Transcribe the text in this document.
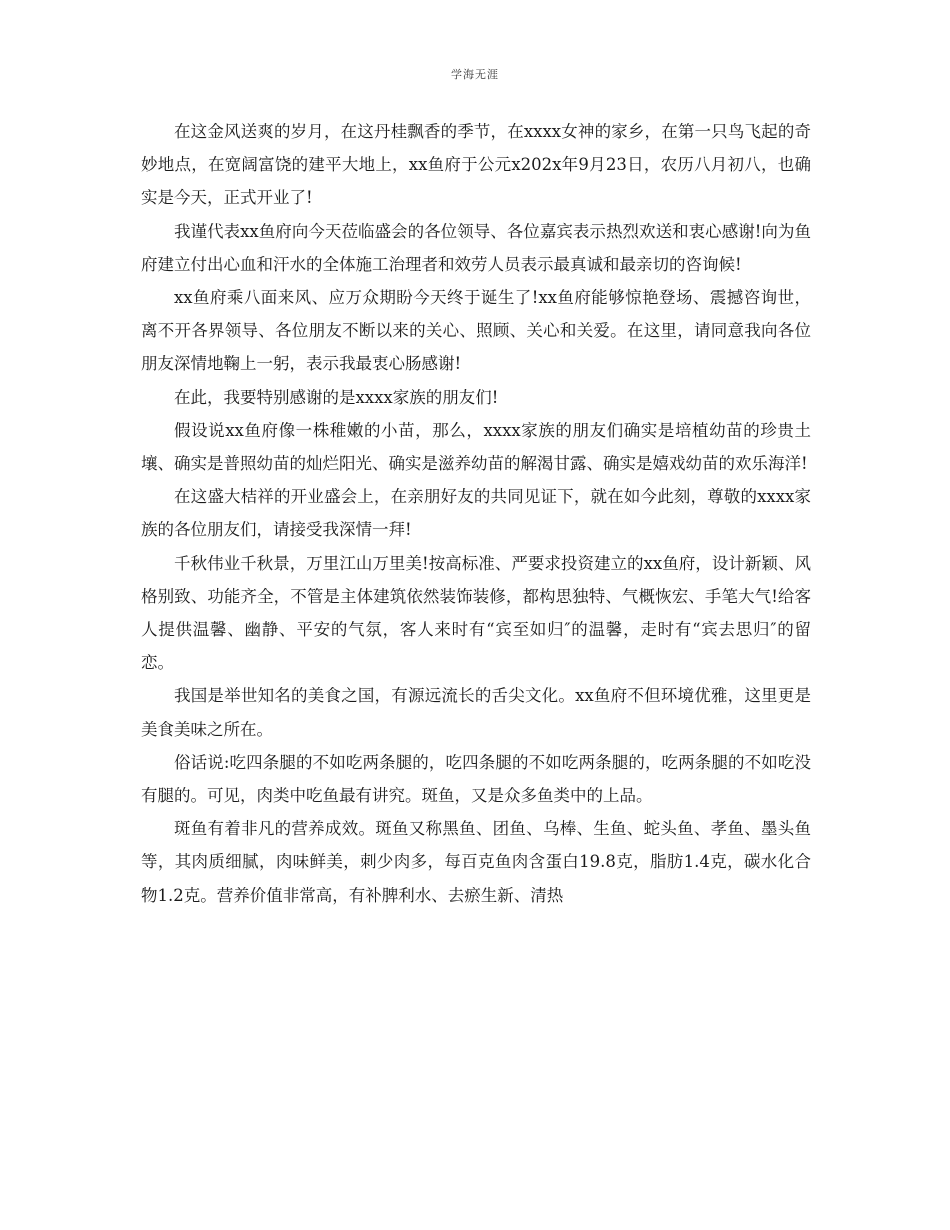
学海无涯

在这金风送爽的岁月，在这丹桂飘香的季节，在xxxx女神的家乡，在第一只鸟飞起的奇妙地点，在宽阔富饶的建平大地上，xx鱼府于公元x202x年9月23日，农历八月初八，也确实是今天，正式开业了!

我谨代表xx鱼府向今天莅临盛会的各位领导、各位嘉宾表示热烈欢送和衷心感谢!向为鱼府建立付出心血和汗水的全体施工治理者和效劳人员表示最真诚和最亲切的咨询候!

xx鱼府乘八面来风、应万众期盼今天终于诞生了!xx鱼府能够惊艳登场、震撼咨询世，离不开各界领导、各位朋友不断以来的关心、照顾、关心和关爱。在这里，请同意我向各位朋友深情地鞠上一躬，表示我最衷心肠感谢!

在此，我要特别感谢的是xxxx家族的朋友们!

假设说xx鱼府像一株稚嫩的小苗，那么，xxxx家族的朋友们确实是培植幼苗的珍贵土壤、确实是普照幼苗的灿烂阳光、确实是滋养幼苗的解渴甘露、确实是嬉戏幼苗的欢乐海洋!

在这盛大桔祥的开业盛会上，在亲朋好友的共同见证下，就在如今此刻，尊敬的xxxx家族的各位朋友们，请接受我深情一拜!

千秋伟业千秋景，万里江山万里美!按高标准、严要求投资建立的xx鱼府，设计新颖、风格别致、功能齐全，不管是主体建筑依然装饰装修，都构思独特、气概恢宏、手笔大气!给客人提供温馨、幽静、平安的气氛，客人来时有“宾至如归″的温馨，走时有“宾去思归″的留恋。

我国是举世知名的美食之国，有源远流长的舌尖文化。xx鱼府不但环境优雅，这里更是美食美味之所在。

俗话说:吃四条腿的不如吃两条腿的，吃四条腿的不如吃两条腿的，吃两条腿的不如吃没有腿的。可见，肉类中吃鱼最有讲究。斑鱼，又是众多鱼类中的上品。

斑鱼有着非凡的营养成效。斑鱼又称黑鱼、团鱼、乌棒、生鱼、蛇头鱼、孝鱼、墨头鱼等，其肉质细腻，肉味鲜美，刺少肉多，每百克鱼肉含蛋白19.8克，脂肪1.4克，碳水化合物1.2克。营养价值非常高，有补脾利水、去瘀生新、清热
